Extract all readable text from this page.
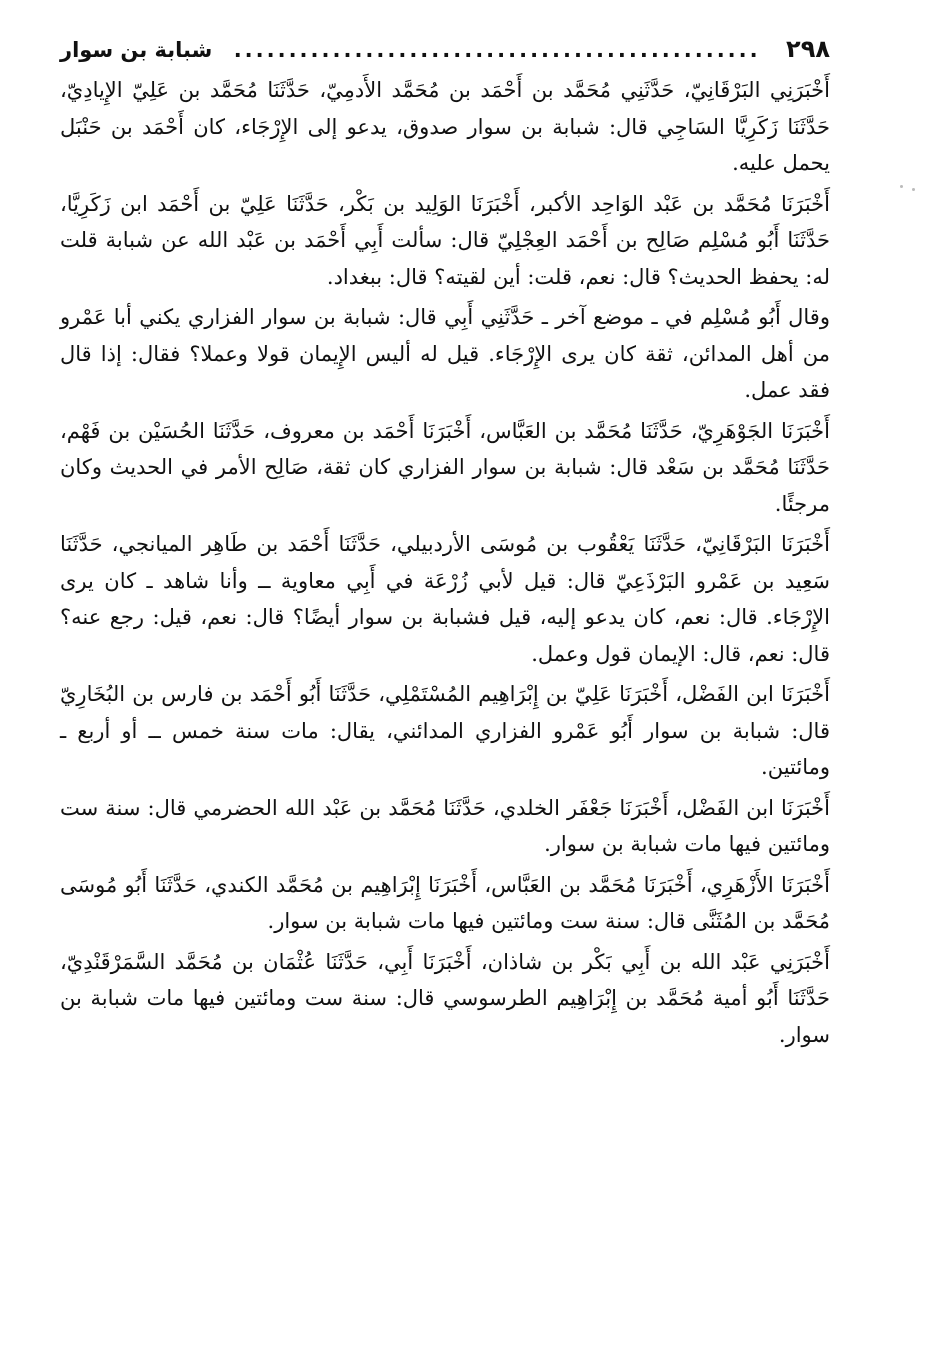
٢٩٨
................................................
شبابة بن سوار

أَخْبَرَنِي البَرْقَانِيّ، حَدَّثَنِي مُحَمَّد بن أَحْمَد بن مُحَمَّد الأَدمِيّ، حَدَّثَنَا مُحَمَّد بن عَلِيّ الإِيادِيّ، حَدَّثَنَا زَكَرِيَّا السَاجِي قال: شبابة بن سوار صدوق، يدعو إلى الإِرْجَاء، كان أَحْمَد بن حَنْبَل يحمل عليه.

أَخْبَرَنَا مُحَمَّد بن عَبْد الوَاحِد الأكبر، أَخْبَرَنَا الوَلِيد بن بَكْر، حَدَّثَنَا عَلِيّ بن أَحْمَد ابن زَكَرِيَّا، حَدَّثَنَا أَبُو مُسْلِم صَالِح بن أَحْمَد العِجْلِيّ قال: سألت أَبِي أَحْمَد بن عَبْد الله عن شبابة قلت له: يحفظ الحديث؟ قال: نعم، قلت: أين لقيته؟ قال: ببغداد.

وقال أَبُو مُسْلِم في ـ موضع آخر ـ حَدَّثَنِي أَبِي قال: شبابة بن سوار الفزاري يكني أبا عَمْرو من أهل المدائن، ثقة كان يرى الإِرْجَاء. قيل له أليس الإِيمان قولا وعملا؟ فقال: إذا قال فقد عمل.

أَخْبَرَنَا الجَوْهَرِيّ، حَدَّثَنَا مُحَمَّد بن العَبَّاس، أَخْبَرَنَا أَحْمَد بن معروف، حَدَّثَنَا الحُسَيْن بن فَهْم، حَدَّثَنَا مُحَمَّد بن سَعْد قال: شبابة بن سوار الفزاري كان ثقة، صَالِح الأمر في الحديث وكان مرجئًا.

أَخْبَرَنَا البَرْقَانِيّ، حَدَّثَنَا يَعْقُوب بن مُوسَى الأردبيلي، حَدَّثَنَا أَحْمَد بن طَاهِر الميانجي، حَدَّثَنَا سَعِيد بن عَمْرو البَرْذَعِيّ قال: قيل لأبي زُرْعَة في أَبِي معاوية ــ وأنا شاهد ـ كان يرى الإِرْجَاء. قال: نعم، كان يدعو إليه، قيل فشبابة بن سوار أيضًا؟ قال: نعم، قيل: رجع عنه؟ قال: نعم، قال: الإيمان قول وعمل.

أَخْبَرَنَا ابن الفَضْل، أَخْبَرَنَا عَلِيّ بن إِبْرَاهِيم المُسْتَمْلِي، حَدَّثَنَا أَبُو أَحْمَد بن فارس بن البُخَارِيّ قال: شبابة بن سوار أَبُو عَمْرو الفزاري المدائني، يقال: مات سنة خمس ــ أو أربع ـ ومائتين.

أَخْبَرَنَا ابن الفَضْل، أَخْبَرَنَا جَعْفَر الخلدي، حَدَّثَنَا مُحَمَّد بن عَبْد الله الحضرمي قال: سنة ست ومائتين فيها مات شبابة بن سوار.

أَخْبَرَنَا الأَزْهَرِي، أَخْبَرَنَا مُحَمَّد بن العَبَّاس، أَخْبَرَنَا إِبْرَاهِيم بن مُحَمَّد الكندي، حَدَّثَنَا أَبُو مُوسَى مُحَمَّد بن المُثَنَّى قال: سنة ست ومائتين فيها مات شبابة بن سوار.

أَخْبَرَنِي عَبْد الله بن أَبِي بَكْر بن شاذان، أَخْبَرَنَا أَبِي، حَدَّثَنَا عُثْمَان بن مُحَمَّد السَّمَرْقَنْدِيّ، حَدَّثَنَا أَبُو أمية مُحَمَّد بن إِبْرَاهِيم الطرسوسي قال: سنة ست ومائتين فيها مات شبابة بن سوار.
